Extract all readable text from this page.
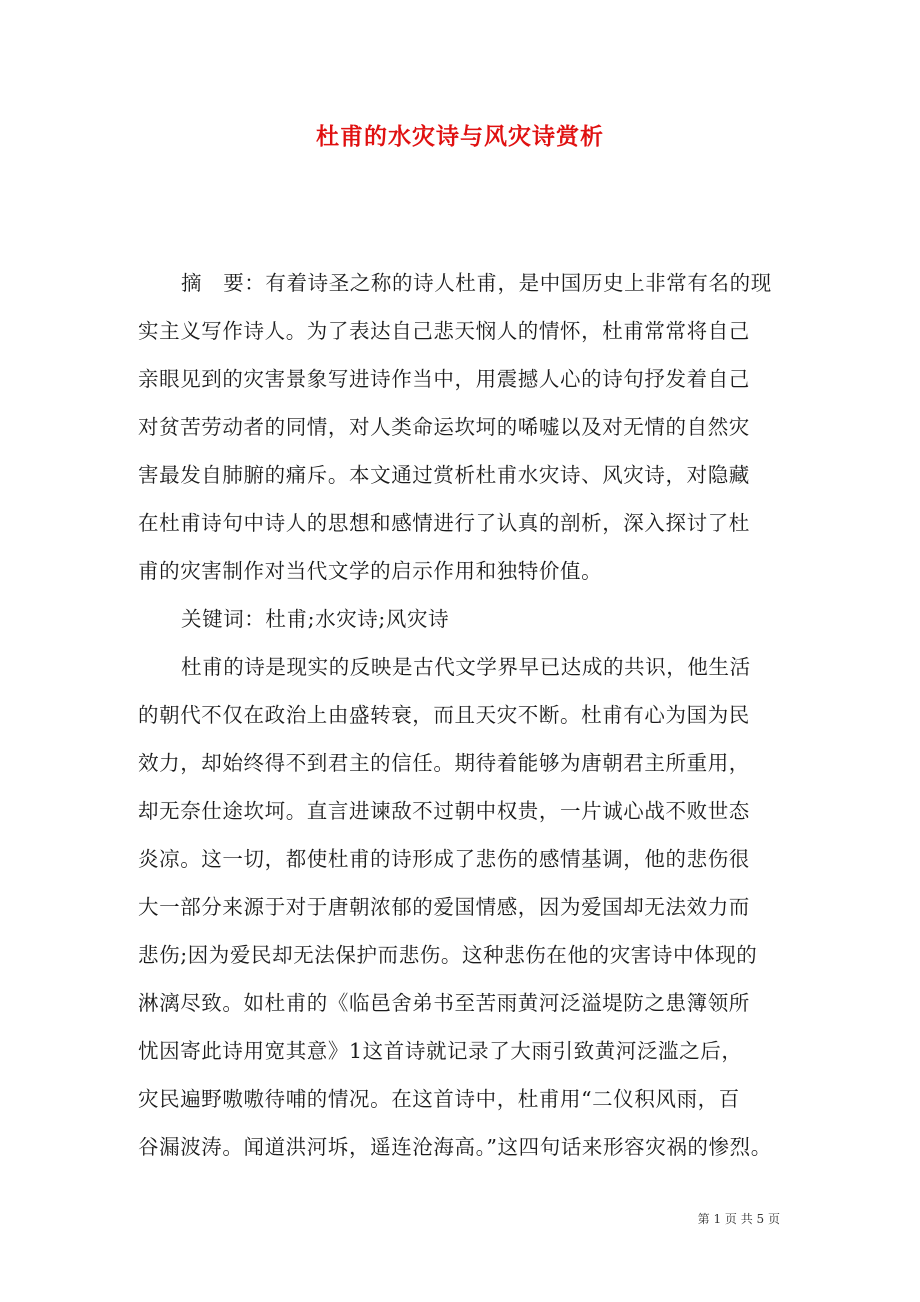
杜甫的水灾诗与风灾诗赏析
摘　要：有着诗圣之称的诗人杜甫，是中国历史上非常有名的现
实主义写作诗人。为了表达自己悲天悯人的情怀，杜甫常常将自己
亲眼见到的灾害景象写进诗作当中，用震撼人心的诗句抒发着自己
对贫苦劳动者的同情，对人类命运坎坷的唏嘘以及对无情的自然灾
害最发自肺腑的痛斥。本文通过赏析杜甫水灾诗、风灾诗，对隐藏
在杜甫诗句中诗人的思想和感情进行了认真的剖析，深入探讨了杜
甫的灾害制作对当代文学的启示作用和独特价值。
关键词：杜甫;水灾诗;风灾诗
杜甫的诗是现实的反映是古代文学界早已达成的共识，他生活
的朝代不仅在政治上由盛转衰，而且天灾不断。杜甫有心为国为民
效力，却始终得不到君主的信任。期待着能够为唐朝君主所重用，
却无奈仕途坎坷。直言进谏敌不过朝中权贵，一片诚心战不败世态
炎凉。这一切，都使杜甫的诗形成了悲伤的感情基调，他的悲伤很
大一部分来源于对于唐朝浓郁的爱国情感，因为爱国却无法效力而
悲伤;因为爱民却无法保护而悲伤。这种悲伤在他的灾害诗中体现的
淋漓尽致。如杜甫的《临邑舍弟书至苦雨黄河泛溢堤防之患簿领所
忧因寄此诗用宽其意》1这首诗就记录了大雨引致黄河泛滥之后，
灾民遍野嗷嗷待哺的情况。在这首诗中，杜甫用“二仪积风雨，百
谷漏波涛。闻道洪河坼，遥连沧海高。”这四句话来形容灾祸的惨烈。
第 1 页 共 5 页
